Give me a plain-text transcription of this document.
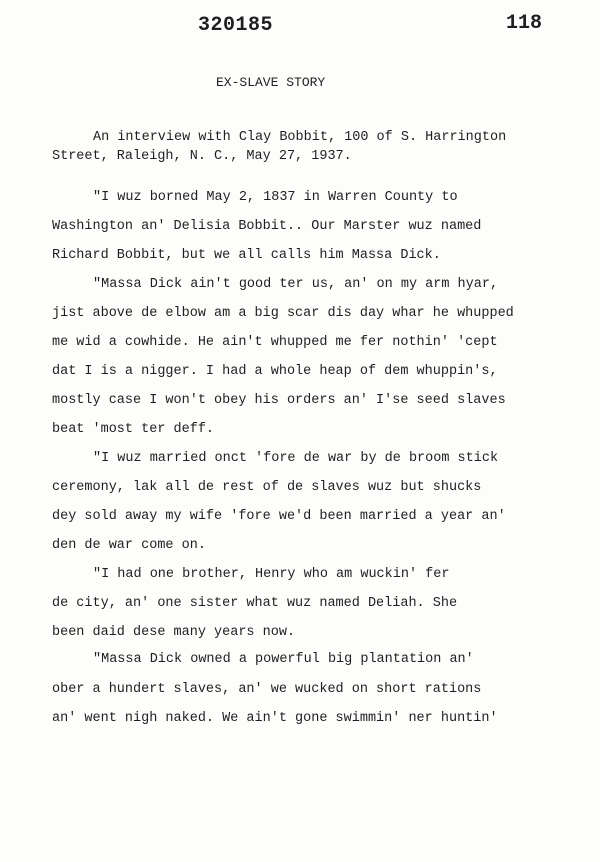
320185	118
EX-SLAVE STORY
An interview with Clay Bobbit, 100 of S. Harrington
Street, Raleigh, N. C., May 27, 1937.
"I wuz borned May 2, 1837 in Warren County to
Washington an' Delisia Bobbit.. Our Marster wuz named
Richard Bobbit, but we all calls him Massa Dick.
"Massa Dick ain't good ter us, an' on my arm hyar,
jist above de elbow am a big scar dis day whar he whupped
me wid a cowhide. He ain't whupped me fer nothin' 'cept
dat I is a nigger. I had a whole heap of dem whuppin's,
mostly case I won't obey his orders an' I'se seed slaves
beat 'most ter deff.
"I wuz married onct 'fore de war by de broom stick
ceremony, lak all de rest of de slaves wuz but shucks
dey sold away my wife 'fore we'd been married a year an'
den de war come on.
"I had one brother, Henry who am wuckin' fer
de city, an' one sister what wuz named Deliah. She
been daid dese many years now.
"Massa Dick owned a powerful big plantation an'
ober a hundert slaves, an' we wucked on short rations
an' went nigh naked. We ain't gone swimmin' ner huntin'
